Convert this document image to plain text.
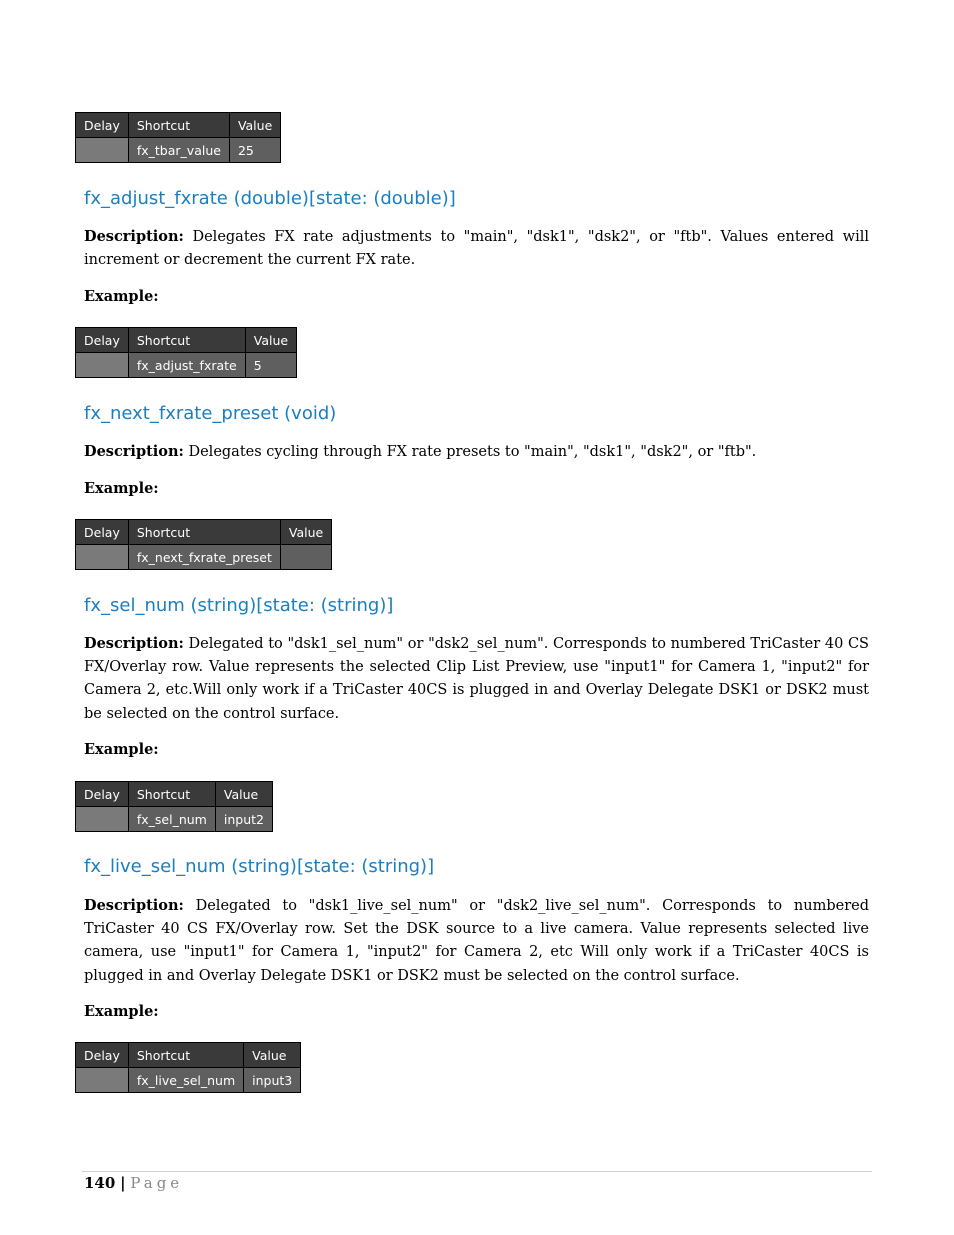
Delay	Shortcut	Value
	fx_tbar_value	25
fx_adjust_fxrate (double)[state: (double)]

Description: Delegates FX rate adjustments to "main", "dsk1", "dsk2", or "ftb". Values entered will increment or decrement the current FX rate.

Example:
Delay	Shortcut	Value
	fx_adjust_fxrate	5
fx_next_fxrate_preset (void)

Description: Delegates cycling through FX rate presets to "main", "dsk1", "dsk2", or "ftb".

Example:
Delay	Shortcut	Value
	fx_next_fxrate_preset	
fx_sel_num (string)[state: (string)]

Description: Delegated to "dsk1_sel_num" or "dsk2_sel_num". Corresponds to numbered TriCaster 40 CS FX/Overlay row. Value represents the selected Clip List Preview, use "input1" for Camera 1, "input2" for Camera 2, etc.Will only work if a TriCaster 40CS is plugged in and Overlay Delegate DSK1 or DSK2 must be selected on the control surface.

Example:
Delay	Shortcut	Value
	fx_sel_num	input2
fx_live_sel_num (string)[state: (string)]

Description: Delegated to "dsk1_live_sel_num" or "dsk2_live_sel_num". Corresponds to numbered TriCaster 40 CS FX/Overlay row. Set the DSK source to a live camera. Value represents selected live camera, use "input1" for Camera 1, "input2" for Camera 2, etc Will only work if a TriCaster 40CS is plugged in and Overlay Delegate DSK1 or DSK2 must be selected on the control surface.

Example:
Delay	Shortcut	Value
	fx_live_sel_num	input3
140 | Page
